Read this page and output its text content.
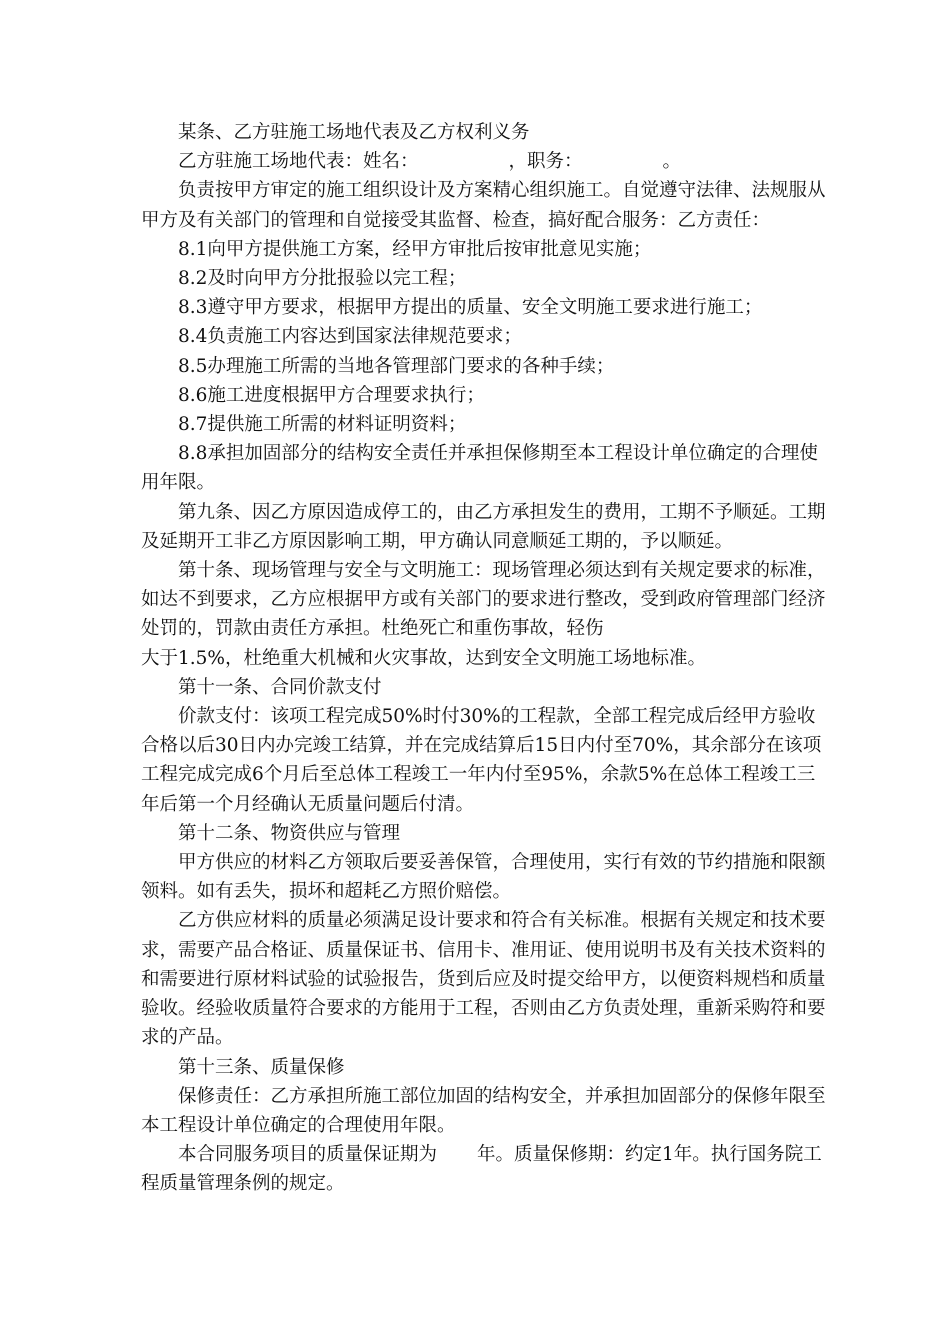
某条、乙方驻施工场地代表及乙方权利义务

乙方驻施工场地代表：姓名：	，职务：	。

负责按甲方审定的施工组织设计及方案精心组织施工。自觉遵守法律、法规服从甲方及有关部门的管理和自觉接受其监督、检查，搞好配合服务：乙方责任：

8.1向甲方提供施工方案，经甲方审批后按审批意见实施；

8.2及时向甲方分批报验以完工程；

8.3遵守甲方要求，根据甲方提出的质量、安全文明施工要求进行施工；

8.4负责施工内容达到国家法律规范要求；

8.5办理施工所需的当地各管理部门要求的各种手续；

8.6施工进度根据甲方合理要求执行；

8.7提供施工所需的材料证明资料；

8.8承担加固部分的结构安全责任并承担保修期至本工程设计单位确定的合理使用年限。

第九条、因乙方原因造成停工的，由乙方承担发生的费用，工期不予顺延。工期及延期开工非乙方原因影响工期，甲方确认同意顺延工期的，予以顺延。

第十条、现场管理与安全与文明施工：现场管理必须达到有关规定要求的标准，如达不到要求，乙方应根据甲方或有关部门的要求进行整改，受到政府管理部门经济处罚的，罚款由责任方承担。杜绝死亡和重伤事故，轻伤

大于1.5%，杜绝重大机械和火灾事故，达到安全文明施工场地标准。

第十一条、合同价款支付

价款支付：该项工程完成50%时付30%的工程款，全部工程完成后经甲方验收合格以后30日内办完竣工结算，并在完成结算后15日内付至70%，其余部分在该项工程完成完成6个月后至总体工程竣工一年内付至95%，余款5%在总体工程竣工三年后第一个月经确认无质量问题后付清。

第十二条、物资供应与管理

甲方供应的材料乙方领取后要妥善保管，合理使用，实行有效的节约措施和限额领料。如有丢失，损坏和超耗乙方照价赔偿。

乙方供应材料的质量必须满足设计要求和符合有关标准。根据有关规定和技术要求，需要产品合格证、质量保证书、信用卡、准用证、使用说明书及有关技术资料的和需要进行原材料试验的试验报告，货到后应及时提交给甲方，以便资料规档和质量验收。经验收质量符合要求的方能用于工程，否则由乙方负责处理，重新采购符和要求的产品。

第十三条、质量保修

保修责任：乙方承担所施工部位加固的结构安全，并承担加固部分的保修年限至本工程设计单位确定的合理使用年限。

本合同服务项目的质量保证期为 年。质量保修期：约定1年。执行国务院工程质量管理条例的规定。
